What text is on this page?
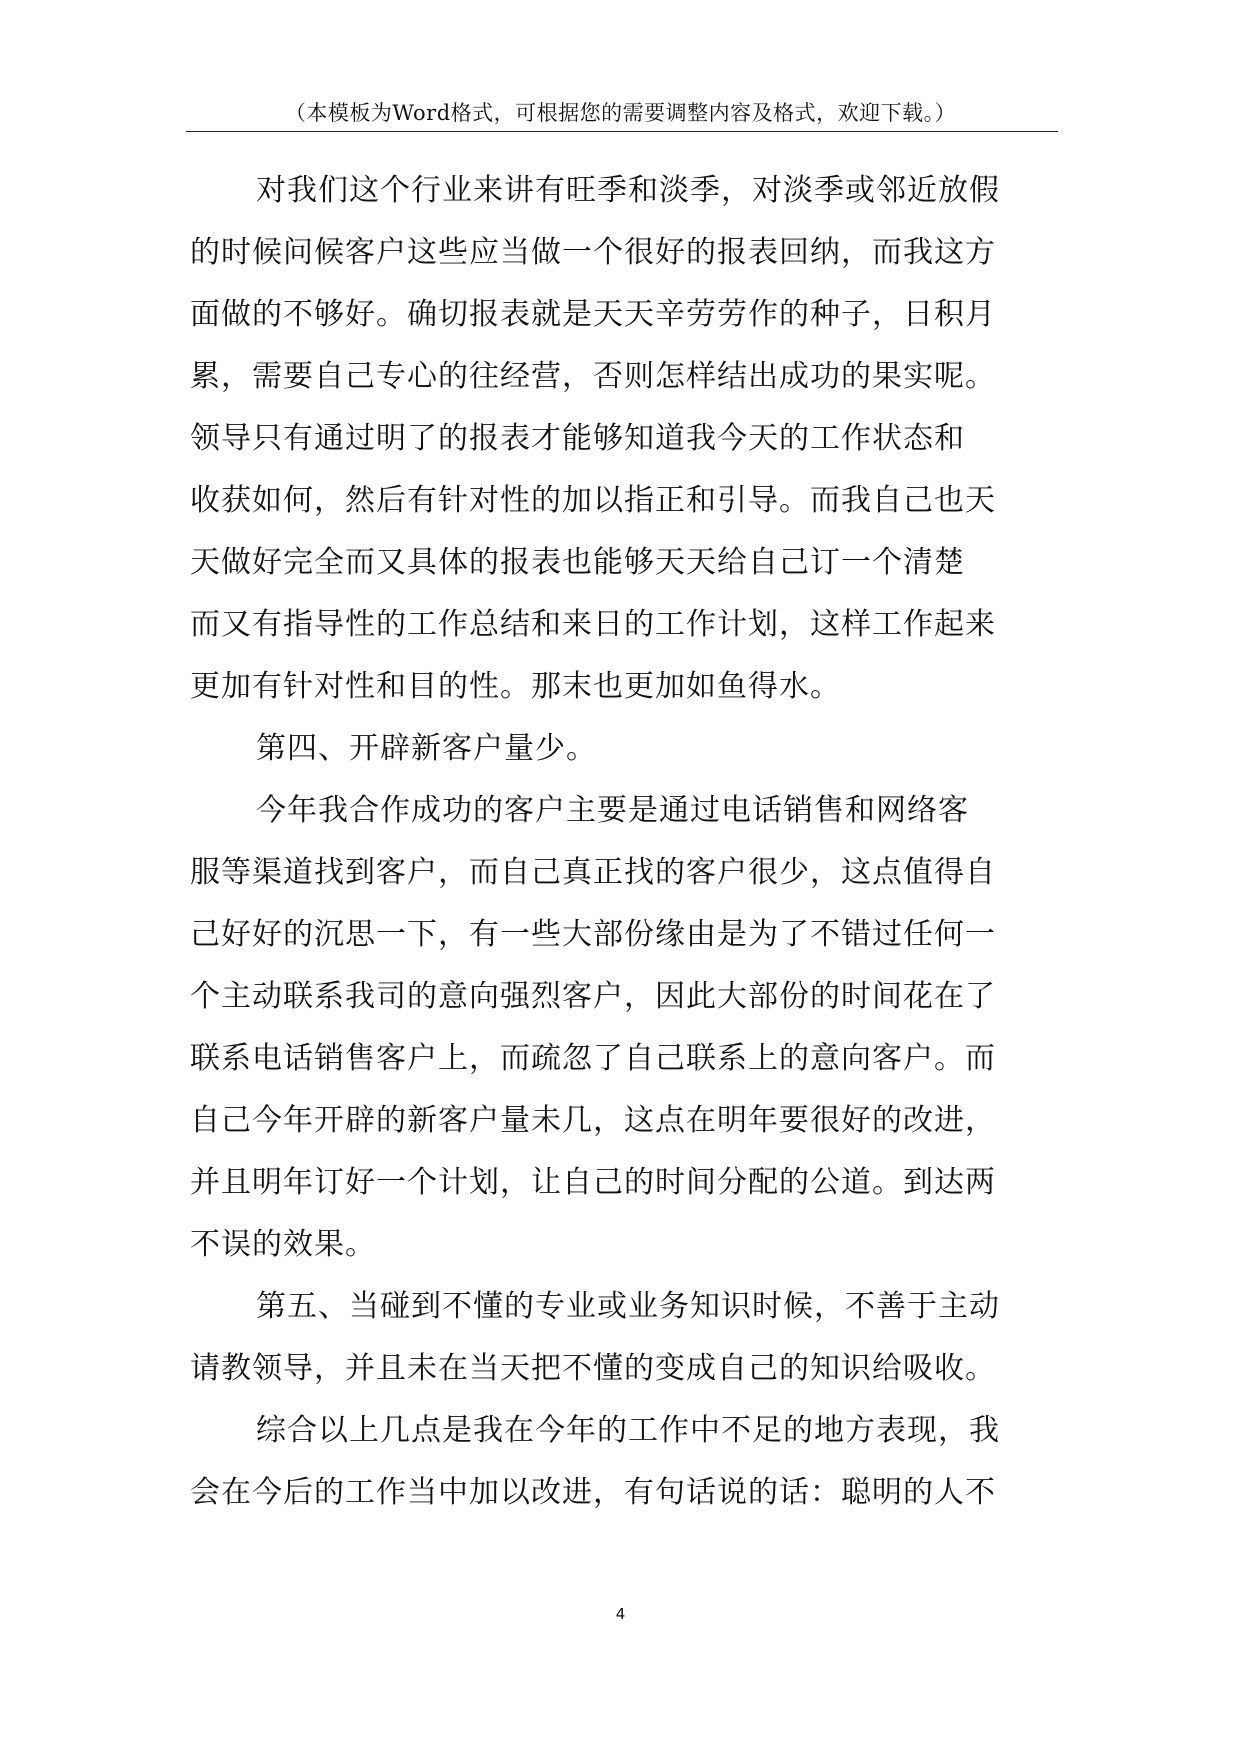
（本模板为Word格式，可根据您的需要调整内容及格式，欢迎下载。）
对我们这个行业来讲有旺季和淡季，对淡季或邻近放假
的时候问候客户这些应当做一个很好的报表回纳，而我这方
面做的不够好。确切报表就是天天辛劳劳作的种子，日积月
累，需要自己专心的往经营，否则怎样结出成功的果实呢。
领导只有通过明了的报表才能够知道我今天的工作状态和
收获如何，然后有针对性的加以指正和引导。而我自己也天
天做好完全而又具体的报表也能够天天给自己订一个清楚
而又有指导性的工作总结和来日的工作计划，这样工作起来
更加有针对性和目的性。那末也更加如鱼得水。
第四、开辟新客户量少。
今年我合作成功的客户主要是通过电话销售和网络客
服等渠道找到客户，而自己真正找的客户很少，这点值得自
己好好的沉思一下，有一些大部份缘由是为了不错过任何一
个主动联系我司的意向强烈客户，因此大部份的时间花在了
联系电话销售客户上，而疏忽了自己联系上的意向客户。而
自己今年开辟的新客户量未几，这点在明年要很好的改进，
并且明年订好一个计划，让自己的时间分配的公道。到达两
不误的效果。
第五、当碰到不懂的专业或业务知识时候，不善于主动
请教领导，并且未在当天把不懂的变成自己的知识给吸收。
综合以上几点是我在今年的工作中不足的地方表现，我
会在今后的工作当中加以改进，有句话说的话：聪明的人不
4
